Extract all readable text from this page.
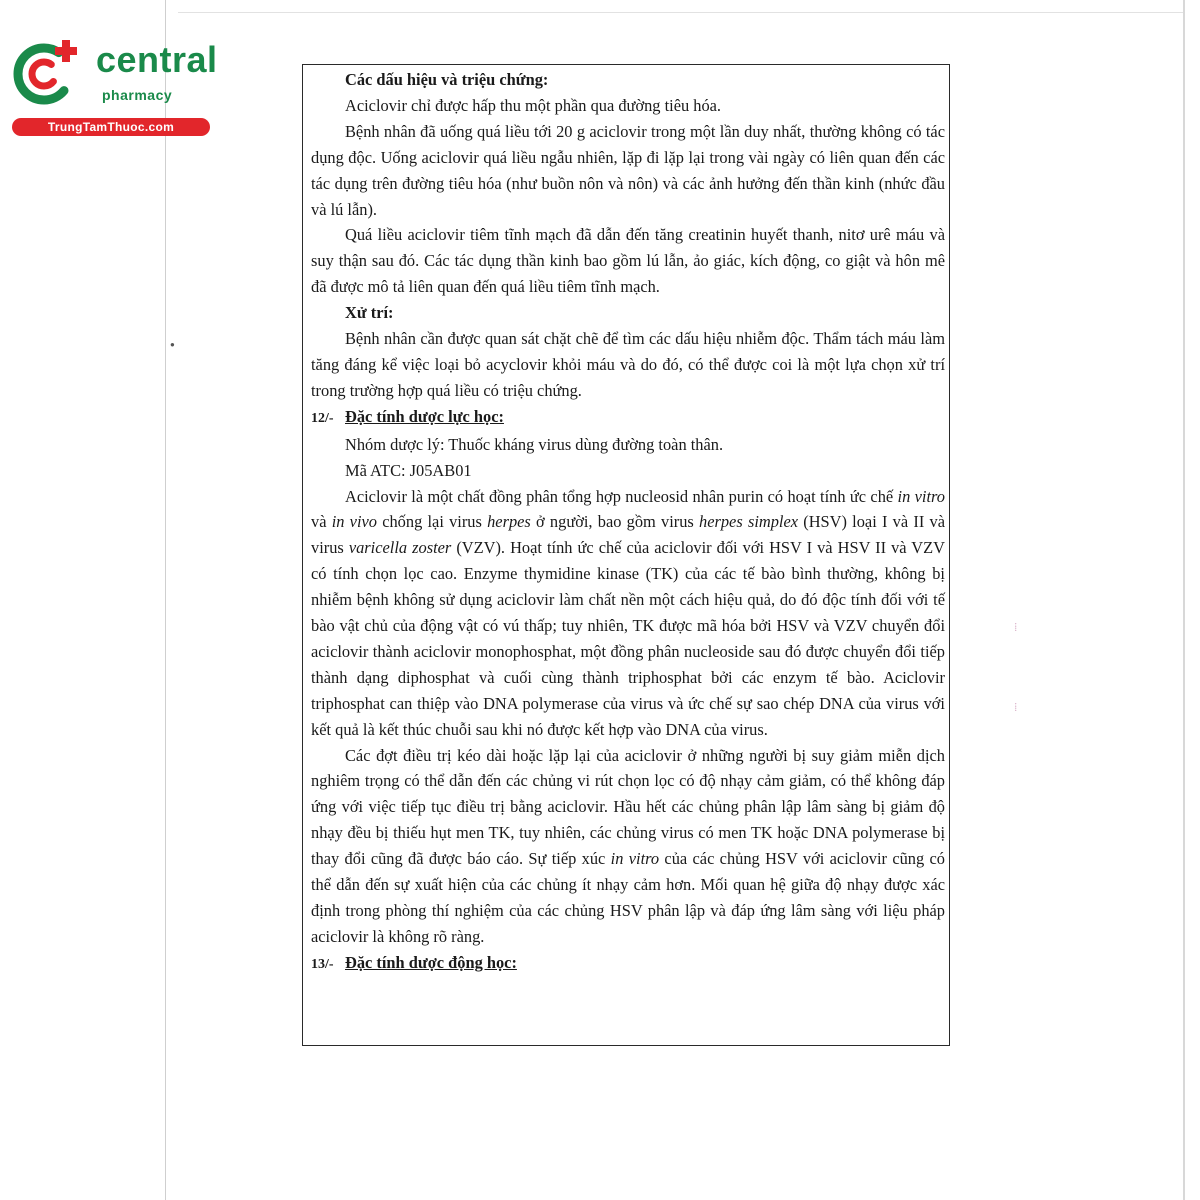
central
pharmacy
TrungTamThuoc.com

Các dấu hiệu và triệu chứng:

Aciclovir chỉ được hấp thu một phần qua đường tiêu hóa.

Bệnh nhân đã uống quá liều tới 20 g aciclovir trong một lần duy nhất, thường không có tác dụng độc. Uống aciclovir quá liều ngẫu nhiên, lặp đi lặp lại trong vài ngày có liên quan đến các tác dụng trên đường tiêu hóa (như buồn nôn và nôn) và các ảnh hưởng đến thần kinh (nhức đầu và lú lẫn).

Quá liều aciclovir tiêm tĩnh mạch đã dẫn đến tăng creatinin huyết thanh, nitơ urê máu và suy thận sau đó. Các tác dụng thần kinh bao gồm lú lẫn, ảo giác, kích động, co giật và hôn mê đã được mô tả liên quan đến quá liều tiêm tĩnh mạch.

Xử trí:

Bệnh nhân cần được quan sát chặt chẽ để tìm các dấu hiệu nhiễm độc. Thẩm tách máu làm tăng đáng kể việc loại bỏ acyclovir khỏi máu và do đó, có thể được coi là một lựa chọn xử trí trong trường hợp quá liều có triệu chứng.

12/- Đặc tính dược lực học:

Nhóm dược lý: Thuốc kháng virus dùng đường toàn thân.

Mã ATC: J05AB01

Aciclovir là một chất đồng phân tổng hợp nucleosid nhân purin có hoạt tính ức chế in vitro và in vivo chống lại virus herpes ở người, bao gồm virus herpes simplex (HSV) loại I và II và virus varicella zoster (VZV). Hoạt tính ức chế của aciclovir đối với HSV I và HSV II và VZV có tính chọn lọc cao. Enzyme thymidine kinase (TK) của các tế bào bình thường, không bị nhiễm bệnh không sử dụng aciclovir làm chất nền một cách hiệu quả, do đó độc tính đối với tế bào vật chủ của động vật có vú thấp; tuy nhiên, TK được mã hóa bởi HSV và VZV chuyển đổi aciclovir thành aciclovir monophosphat, một đồng phân nucleoside sau đó được chuyển đổi tiếp thành dạng diphosphat và cuối cùng thành triphosphat bởi các enzym tế bào. Aciclovir triphosphat can thiệp vào DNA polymerase của virus và ức chế sự sao chép DNA của virus với kết quả là kết thúc chuỗi sau khi nó được kết hợp vào DNA của virus.

Các đợt điều trị kéo dài hoặc lặp lại của aciclovir ở những người bị suy giảm miễn dịch nghiêm trọng có thể dẫn đến các chủng vi rút chọn lọc có độ nhạy cảm giảm, có thể không đáp ứng với việc tiếp tục điều trị bằng aciclovir. Hầu hết các chủng phân lập lâm sàng bị giảm độ nhạy đều bị thiếu hụt men TK, tuy nhiên, các chủng virus có men TK hoặc DNA polymerase bị thay đổi cũng đã được báo cáo. Sự tiếp xúc in vitro của các chủng HSV với aciclovir cũng có thể dẫn đến sự xuất hiện của các chủng ít nhạy cảm hơn. Mối quan hệ giữa độ nhạy được xác định trong phòng thí nghiệm của các chủng HSV phân lập và đáp ứng lâm sàng với liệu pháp aciclovir là không rõ ràng.

13/- Đặc tính dược động học:

⁞
⁞
●
